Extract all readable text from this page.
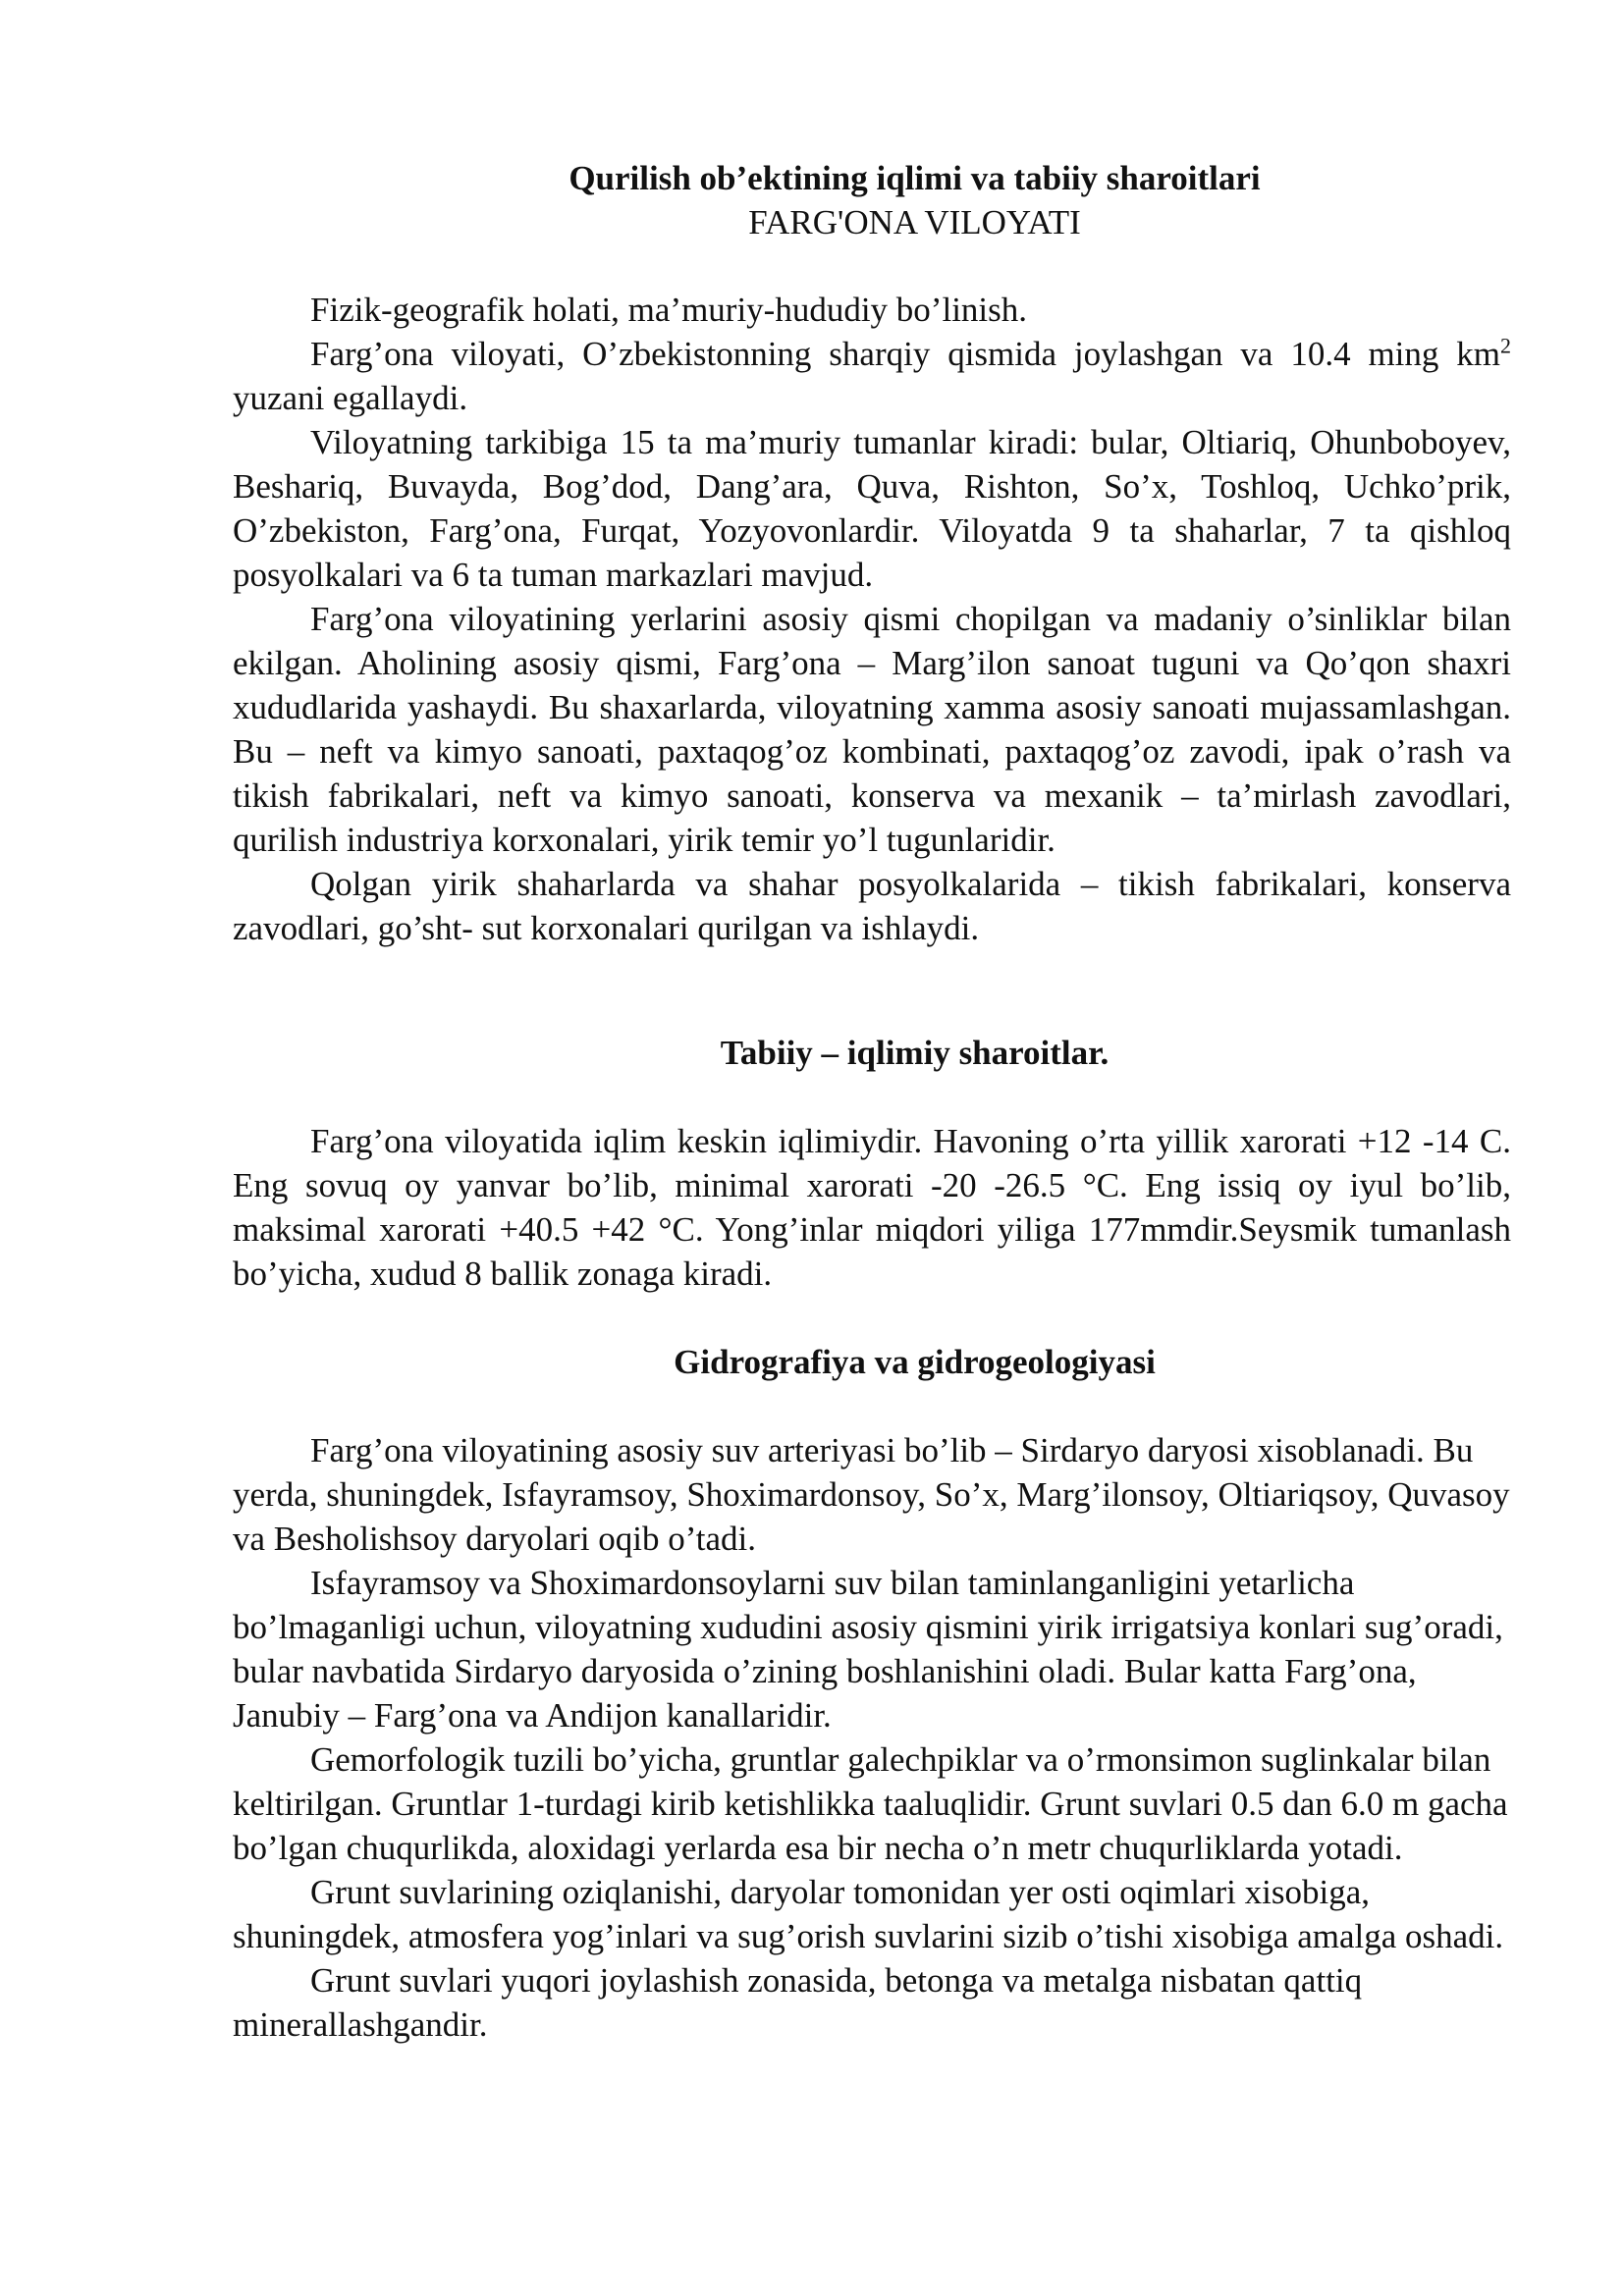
Qurilish ob’ektining iqlimi va tabiiy sharoitlari
FARG'ONA VILOYATI

Fizik-geografik holati, ma’muriy-hududiy bo’linish.

Farg’ona viloyati, O’zbekistonning sharqiy qismida joylashgan va 10.4 ming $km^2$ yuzani egallaydi.

Viloyatning tarkibiga 15 ta ma’muriy tumanlar kiradi: bular, Oltiariq, Ohunboboyev, Beshariq, Buvayda, Bog’dod, Dang’ara, Quva, Rishton, So’x, Toshloq, Uchko’prik, O’zbekiston, Farg’ona, Furqat, Yozyovonlardir. Viloyatda 9 ta shaharlar, 7 ta qishloq posyolkalari va 6 ta tuman markazlari mavjud.

Farg’ona viloyatining yerlarini asosiy qismi chopilgan va madaniy o’sinliklar bilan ekilgan. Aholining asosiy qismi, Farg’ona – Marg’ilon sanoat tuguni va Qo’qon shaxri xududlarida yashaydi. Bu shaxarlarda, viloyatning xamma asosiy sanoati mujassamlashgan. Bu – neft va kimyo sanoati, paxtaqog’oz kombinati, paxtaqog’oz zavodi, ipak o’rash va tikish fabrikalari, neft va kimyo sanoati, konserva va mexanik – ta’mirlash zavodlari, qurilish industriya korxonalari, yirik temir yo’l tugunlaridir.

Qolgan yirik shaharlarda va shahar posyolkalarida – tikish fabrikalari, konserva zavodlari, go’sht- sut korxonalari qurilgan va ishlaydi.

Tabiiy – iqlimiy sharoitlar.

Farg’ona viloyatida iqlim keskin iqlimiydir. Havoning o’rta yillik xarorati +12 -14 C. Eng sovuq oy yanvar bo’lib, minimal xarorati -20 -26.5 °C. Eng issiq oy iyul bo’lib, maksimal xarorati +40.5 +42 °C. Yong’inlar miqdori yiliga 177mmdir.Seysmik tumanlash bo’yicha, xudud 8 ballik zonaga kiradi.

Gidrografiya va gidrogeologiyasi

Farg’ona viloyatining asosiy suv arteriyasi bo’lib – Sirdaryo daryosi xisoblanadi. Bu yerda, shuningdek, Isfayramsoy, Shoximardonsoy, So’x, Marg’ilonsoy, Oltiariqsoy, Quvasoy va Besholishsoy daryolari oqib o’tadi.

Isfayramsoy va Shoximardonsoylarni suv bilan taminlanganligini yetarlicha bo’lmaganligi uchun, viloyatning xududini asosiy qismini yirik irrigatsiya konlari sug’oradi, bular navbatida Sirdaryo daryosida o’zining boshlanishini oladi. Bular katta Farg’ona, Janubiy – Farg’ona va Andijon kanallaridir.

Gemorfologik tuzili bo’yicha, gruntlar galechpiklar va o’rmonsimon suglinkalar bilan keltirilgan. Gruntlar 1-turdagi kirib ketishlikka taaluqlidir. Grunt suvlari 0.5 dan 6.0 m gacha bo’lgan chuqurlikda, aloxidagi yerlarda esa bir necha o’n metr chuqurliklarda yotadi.

Grunt suvlarining oziqlanishi, daryolar tomonidan yer osti oqimlari xisobiga, shuningdek, atmosfera yog’inlari va sug’orish suvlarini sizib o’tishi xisobiga amalga oshadi.

Grunt suvlari yuqori joylashish zonasida, betonga va metalga nisbatan qattiq minerallashgandir.
